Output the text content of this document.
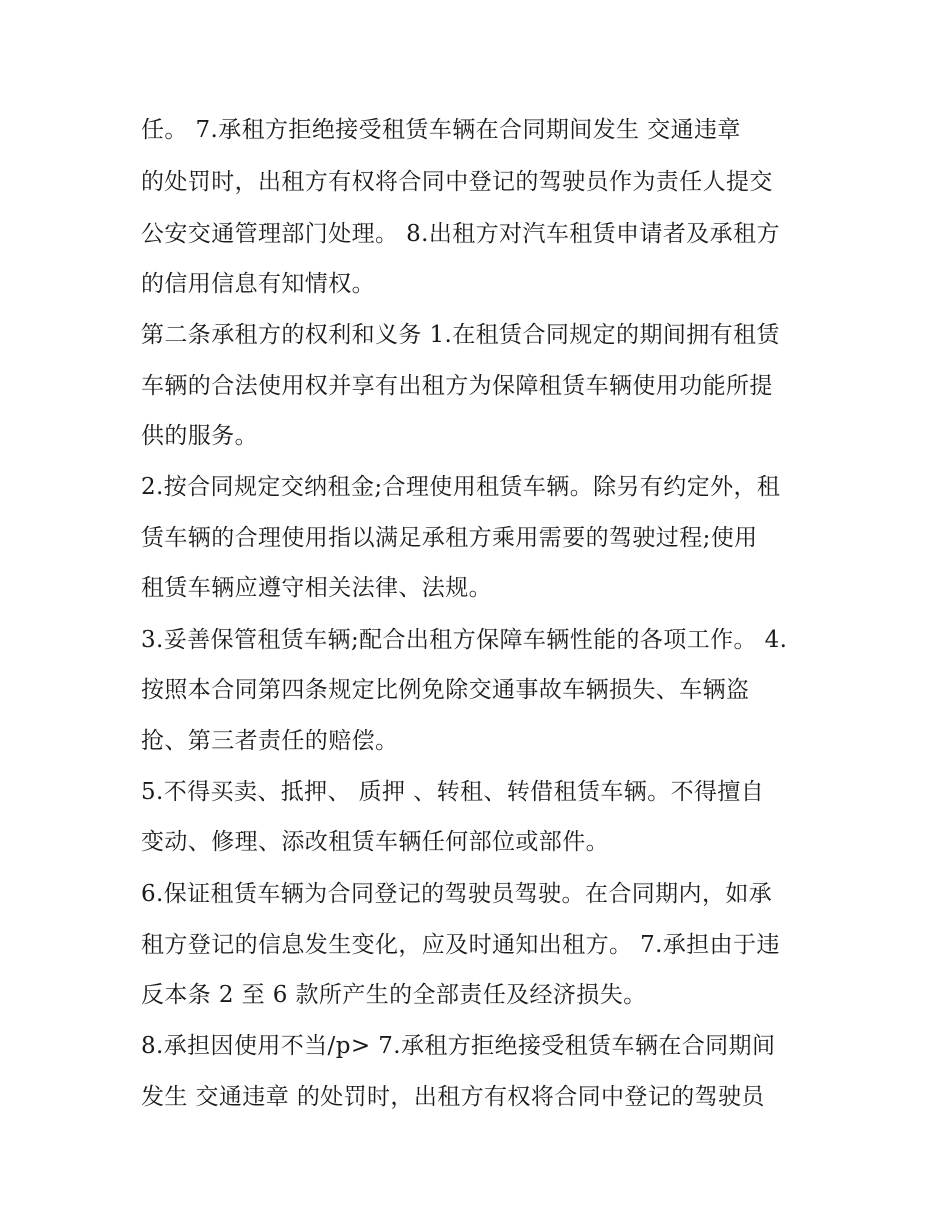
任。 7.承租方拒绝接受租赁车辆在合同期间发生 交通违章
的处罚时，出租方有权将合同中登记的驾驶员作为责任人提交
公安交通管理部门处理。 8.出租方对汽车租赁申请者及承租方
的信用信息有知情权。
第二条承租方的权利和义务 1.在租赁合同规定的期间拥有租赁
车辆的合法使用权并享有出租方为保障租赁车辆使用功能所提
供的服务。
2.按合同规定交纳租金;合理使用租赁车辆。除另有约定外，租
赁车辆的合理使用指以满足承租方乘用需要的驾驶过程;使用
租赁车辆应遵守相关法律、法规。
3.妥善保管租赁车辆;配合出租方保障车辆性能的各项工作。 4.
按照本合同第四条规定比例免除交通事故车辆损失、车辆盗
抢、第三者责任的赔偿。
5.不得买卖、抵押、 质押 、转租、转借租赁车辆。不得擅自
变动、修理、添改租赁车辆任何部位或部件。
6.保证租赁车辆为合同登记的驾驶员驾驶。在合同期内，如承
租方登记的信息发生变化，应及时通知出租方。 7.承担由于违
反本条 2 至 6 款所产生的全部责任及经济损失。
8.承担因使用不当/p> 7.承租方拒绝接受租赁车辆在合同期间
发生 交通违章 的处罚时，出租方有权将合同中登记的驾驶员
